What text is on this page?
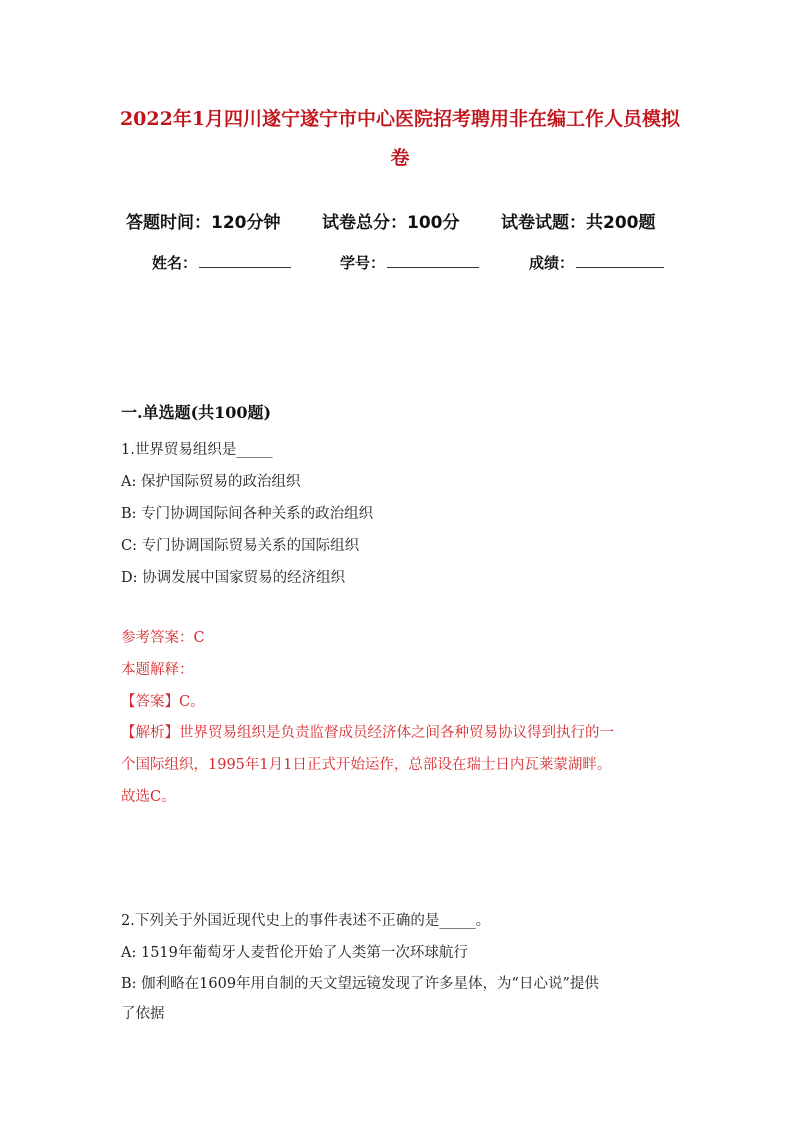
2022年1月四川遂宁遂宁市中心医院招考聘用非在编工作人员模拟
卷
答题时间：120分钟 试卷总分：100分 试卷试题：共200题
姓名：	学号：	成绩：
一.单选题(共100题)
1.世界贸易组织是_____
A: 保护国际贸易的政治组织
B: 专门协调国际间各种关系的政治组织
C: 专门协调国际贸易关系的国际组织
D: 协调发展中国家贸易的经济组织
参考答案：C
本题解释：
【答案】C。
【解析】世界贸易组织是负责监督成员经济体之间各种贸易协议得到执行的一
个国际组织，1995年1月1日正式开始运作，总部设在瑞士日内瓦莱蒙湖畔。
故选C。
2.下列关于外国近现代史上的事件表述不正确的是_____。
A: 1519年葡萄牙人麦哲伦开始了人类第一次环球航行
B: 伽利略在1609年用自制的天文望远镜发现了许多星体，为“日心说”提供
了依据
